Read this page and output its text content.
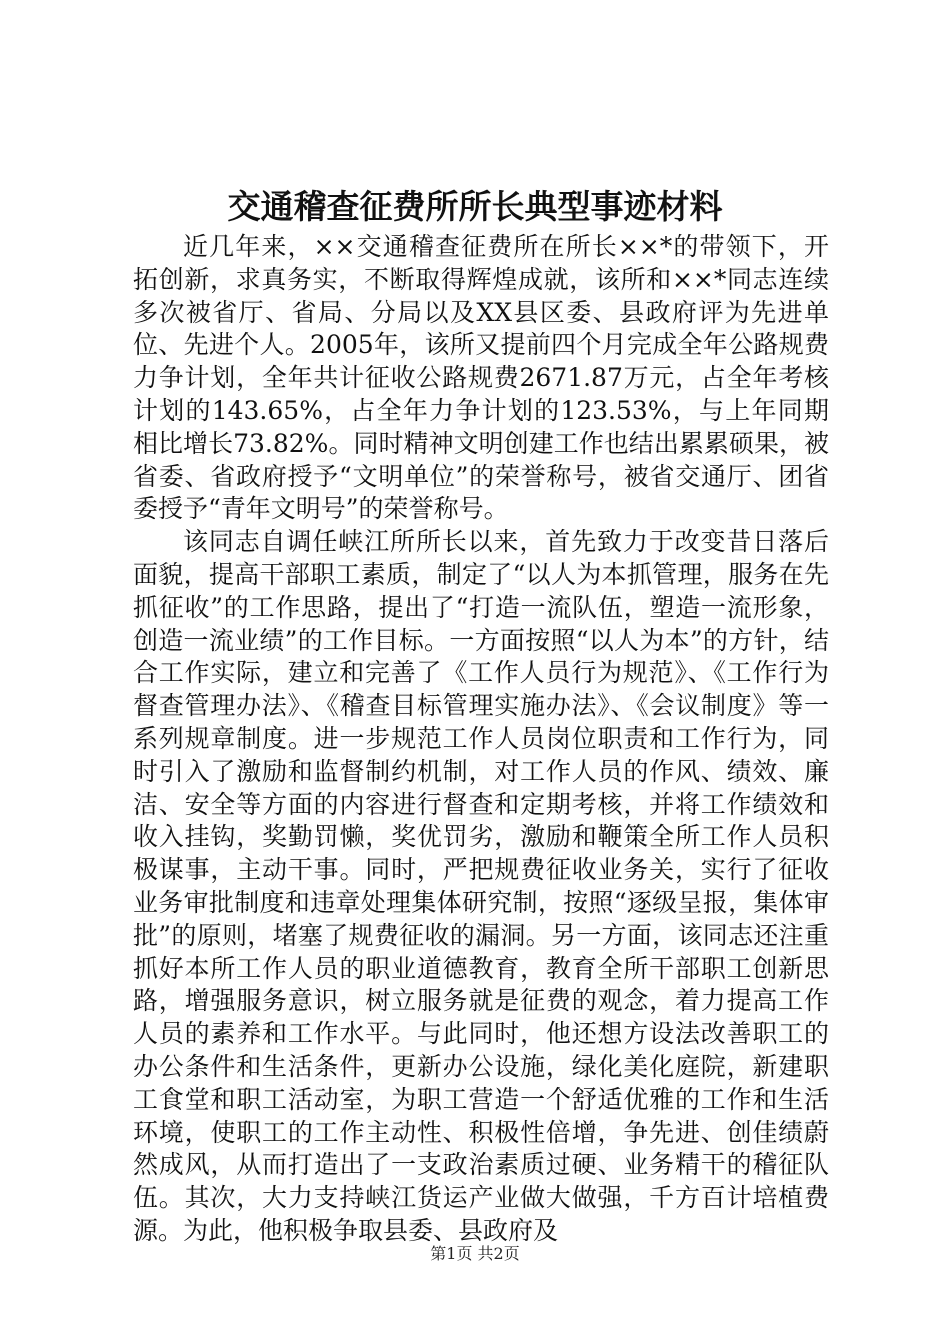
交通稽查征费所所长典型事迹材料

近几年来，××交通稽查征费所在所长××*的带领下，开拓创新，求真务实，不断取得辉煌成就，该所和××*同志连续多次被省厅、省局、分局以及XX县区委、县政府评为先进单位、先进个人。2005年，该所又提前四个月完成全年公路规费力争计划，全年共计征收公路规费2671.87万元，占全年考核计划的143.65%，占全年力争计划的123.53%，与上年同期相比增长73.82%。同时精神文明创建工作也结出累累硕果，被省委、省政府授予“文明单位”的荣誉称号，被省交通厅、团省委授予“青年文明号”的荣誉称号。

该同志自调任峡江所所长以来，首先致力于改变昔日落后面貌，提高干部职工素质，制定了“以人为本抓管理，服务在先抓征收”的工作思路，提出了“打造一流队伍，塑造一流形象，创造一流业绩”的工作目标。一方面按照“以人为本”的方针，结合工作实际，建立和完善了《工作人员行为规范》、《工作行为督查管理办法》、《稽查目标管理实施办法》、《会议制度》等一系列规章制度。进一步规范工作人员岗位职责和工作行为，同时引入了激励和监督制约机制，对工作人员的作风、绩效、廉洁、安全等方面的内容进行督查和定期考核，并将工作绩效和收入挂钩，奖勤罚懒，奖优罚劣，激励和鞭策全所工作人员积极谋事，主动干事。同时，严把规费征收业务关，实行了征收业务审批制度和违章处理集体研究制，按照“逐级呈报，集体审批”的原则，堵塞了规费征收的漏洞。另一方面，该同志还注重抓好本所工作人员的职业道德教育，教育全所干部职工创新思路，增强服务意识，树立服务就是征费的观念，着力提高工作人员的素养和工作水平。与此同时，他还想方设法改善职工的办公条件和生活条件，更新办公设施，绿化美化庭院，新建职工食堂和职工活动室，为职工营造一个舒适优雅的工作和生活环境，使职工的工作主动性、积极性倍增，争先进、创佳绩蔚然成风，从而打造出了一支政治素质过硬、业务精干的稽征队伍。其次，大力支持峡江货运产业做大做强，千方百计培植费源。为此，他积极争取县委、县政府及

第1页 共2页
